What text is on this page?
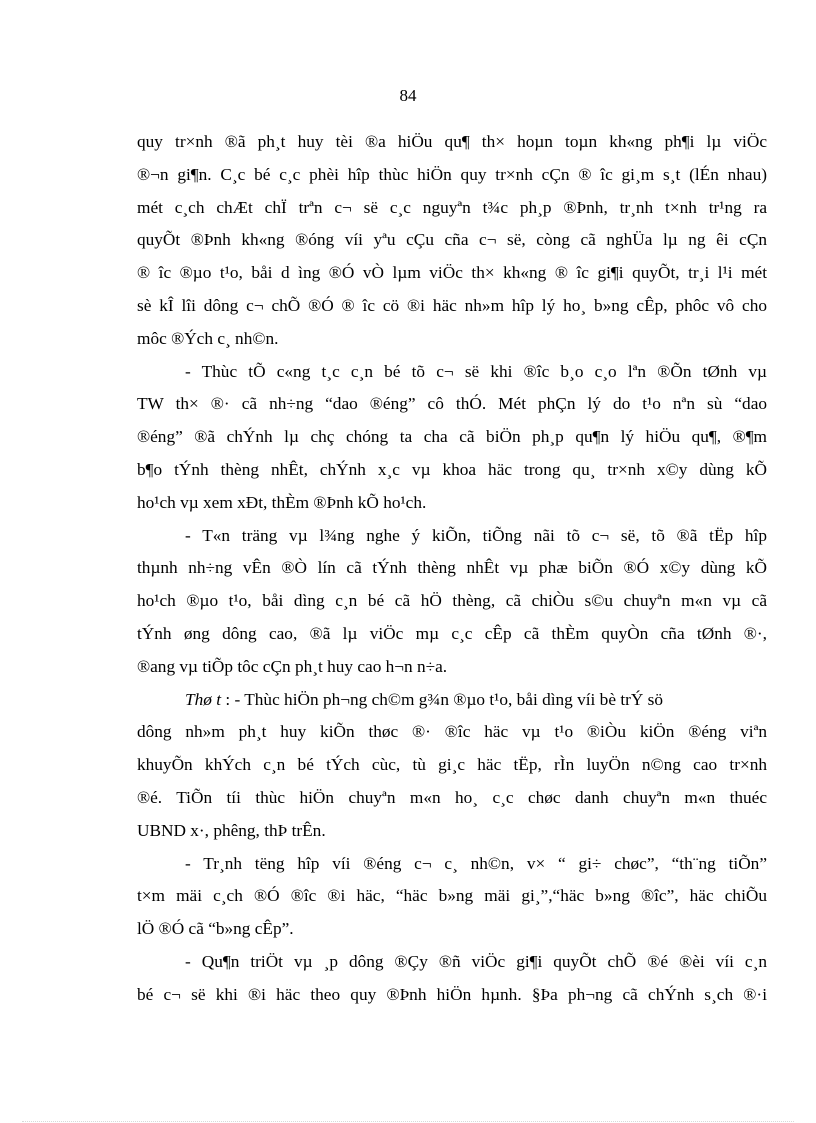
84
quy tr×nh ®ã ph¸t huy tèi ®a hiÖu qu¶ th× hoµn toµn kh«ng ph¶i lµ viÖc
®¬n gi¶n. C¸c bé c¸c phèi hîp thùc hiÖn quy tr×nh cÇn ® îc gi¸m s¸t (lÉn nhau)
mét c¸ch chÆt chÏ trªn c¬ së c¸c nguyªn t¾c ph¸p ®Þnh, tr¸nh t×nh tr¹ng ra
quyÕt ®Þnh kh«ng ®óng víi yªu cÇu cña c¬ së, còng cã nghÜa lµ ng êi cÇn
® îc ®µo t¹o, båi d ìng ®Ó vÒ lµm viÖc th× kh«ng ® îc gi¶i quyÕt, tr¸i l¹i mét
sè kÎ lîi dông c¬ chÕ ®Ó ® îc cö ®i häc nh»m hîp lý ho¸ b»ng cÊp, phôc vô cho
môc ®Ých c¸ nh©n.
- Thùc tÕ c«ng t¸c c¸n bé tõ c¬ së khi ®îc b¸o c¸o lªn ®Õn tØnh vµ
TW th× ®· cã nh÷ng “dao ®éng” cô thÓ. Mét phÇn lý do t¹o nªn sù “dao
®éng” ®ã chÝnh lµ chç chóng ta cha cã biÖn ph¸p qu¶n lý hiÖu qu¶, ®¶m
b¶o tÝnh thèng nhÊt, chÝnh x¸c vµ khoa häc trong qu¸ tr×nh x©y dùng kÕ
ho¹ch vµ xem xÐt, thÈm ®Þnh kÕ ho¹ch.
- T«n träng vµ l¾ng nghe ý kiÕn, tiÕng nãi tõ c¬ së, tõ ®ã tËp hîp
thµnh nh÷ng vÊn ®Ò lín cã tÝnh thèng nhÊt vµ phæ biÕn ®Ó x©y dùng kÕ
ho¹ch ®µo t¹o, båi dìng c¸n bé cã hÖ thèng, cã chiÒu s©u chuyªn m«n vµ cã
tÝnh øng dông cao, ®ã lµ viÖc mµ c¸c cÊp cã thÈm quyÒn cña tØnh ®·,
®ang vµ tiÕp tôc cÇn ph¸t huy cao h¬n n÷a.
Thø t : - Thùc hiÖn ph¬ng ch©m g¾n ®µo t¹o, båi dìng víi bè trÝ sö
dông nh»m ph¸t huy kiÕn thøc ®· ®îc häc vµ t¹o ®iÒu kiÖn ®éng viªn
khuyÕn khÝch c¸n bé tÝch cùc, tù gi¸c häc tËp, rÌn luyÖn n©ng cao tr×nh
®é. TiÕn tíi thùc hiÖn chuyªn m«n ho¸ c¸c chøc danh chuyªn m«n thuéc
UBND x·, phêng, thÞ trÊn.
- Tr¸nh tëng hîp víi ®éng c¬ c¸ nh©n, v× “ gi÷ chøc”, “th¨ng tiÕn”
t×m mäi c¸ch ®Ó ®îc ®i häc, “häc b»ng mäi gi¸”,“häc b»ng ®îc”, häc chiÕu
lÖ ®Ó cã “b»ng cÊp”.
- Qu¶n triÖt vµ ¸p dông ®Çy ®ñ viÖc gi¶i quyÕt chÕ ®é ®èi víi c¸n
bé c¬ së khi ®i häc theo quy ®Þnh hiÖn hµnh. §Þa ph¬ng cã chÝnh s¸ch ®·i
